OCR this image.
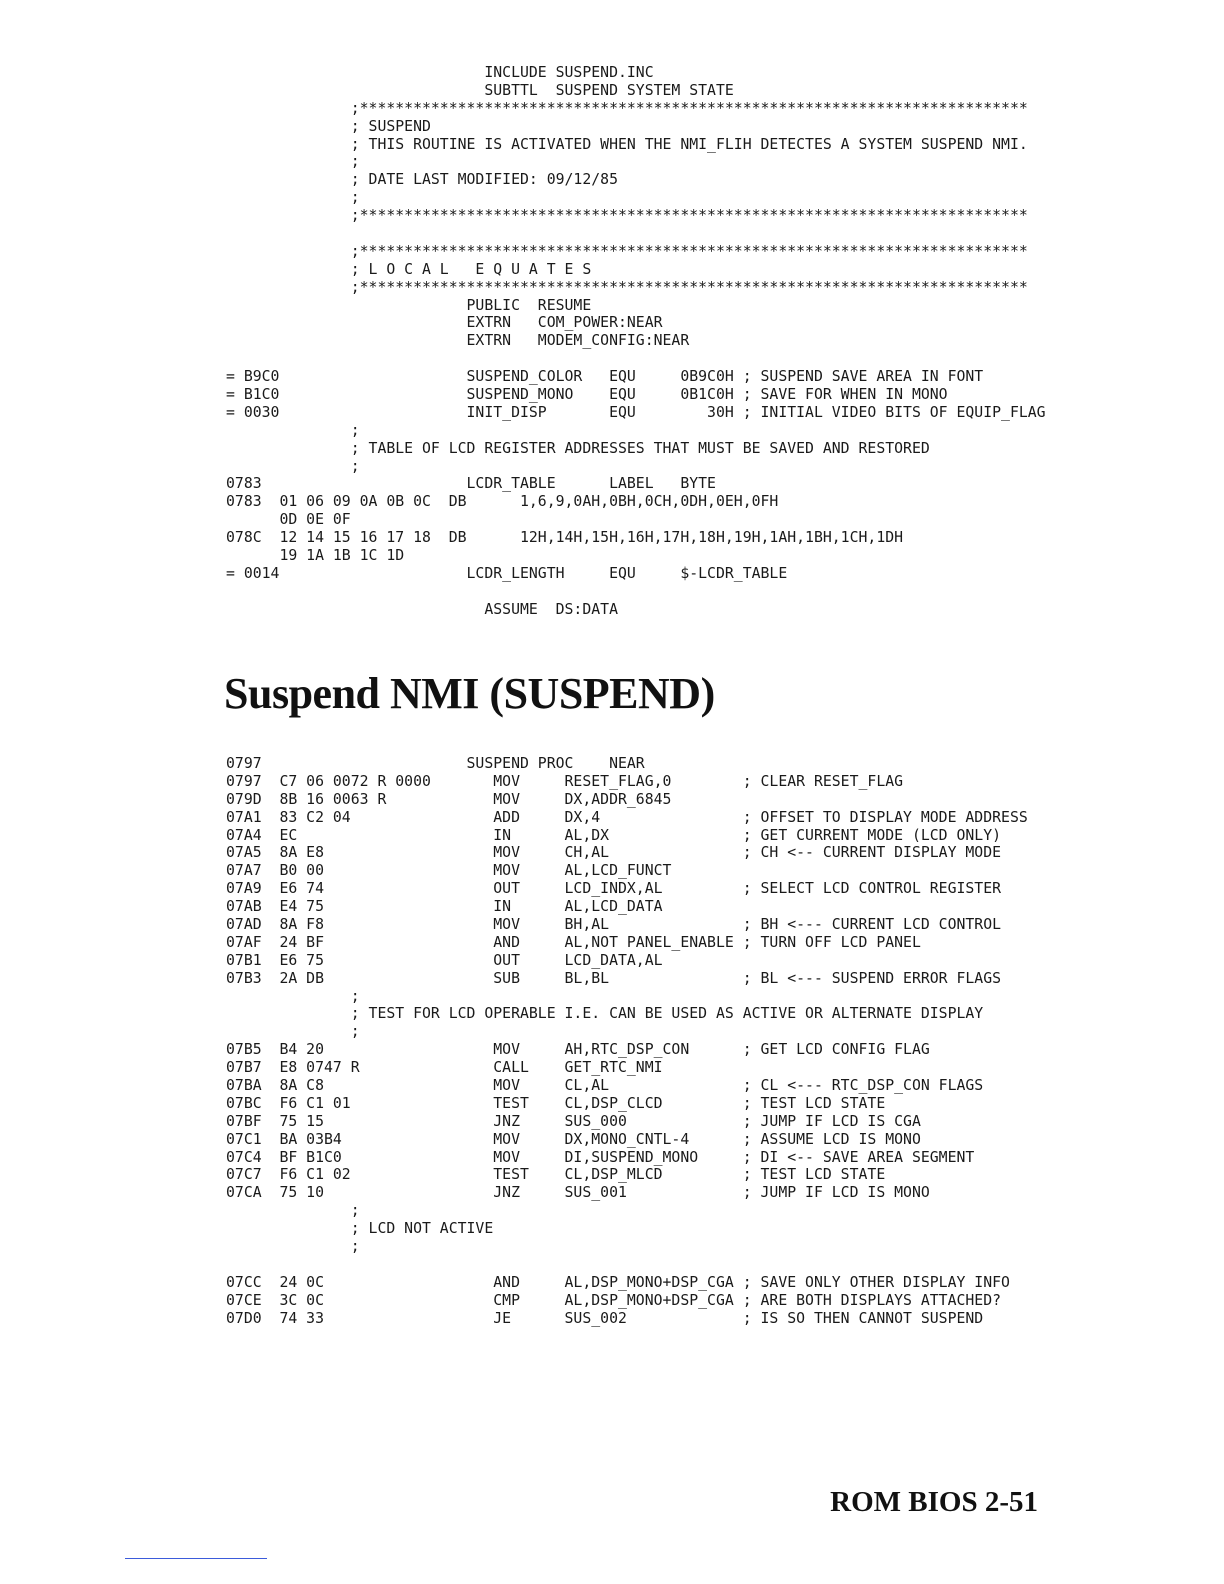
INCLUDE SUSPEND.INC
SUBTTL  SUSPEND SYSTEM STATE
;***************************************************************************
; SUSPEND
; THIS ROUTINE IS ACTIVATED WHEN THE NMI_FLIH DETECTES A SYSTEM SUSPEND NMI.
;
; DATE LAST MODIFIED: 09/12/85
;
;***************************************************************************
;***************************************************************************
; L O C A L   E Q U A T E S
;***************************************************************************
PUBLIC  RESUME
EXTRN   COM_POWER:NEAR
EXTRN   MODEM_CONFIG:NEAR
= B9C0                     SUSPEND_COLOR   EQU     0B9C0H ; SUSPEND SAVE AREA IN FONT
= B1C0                     SUSPEND_MONO    EQU     0B1C0H ; SAVE FOR WHEN IN MONO
= 0030                     INIT_DISP       EQU        30H ; INITIAL VIDEO BITS OF EQUIP_FLAG
;
; TABLE OF LCD REGISTER ADDRESSES THAT MUST BE SAVED AND RESTORED
;
0783                       LCDR_TABLE      LABEL   BYTE
0783  01 06 09 0A 0B 0C  DB      1,6,9,0AH,0BH,0CH,0DH,0EH,0FH
0D 0E 0F
078C  12 14 15 16 17 18  DB      12H,14H,15H,16H,17H,18H,19H,1AH,1BH,1CH,1DH
19 1A 1B 1C 1D
= 0014                     LCDR_LENGTH     EQU     $-LCDR_TABLE
ASSUME  DS:DATA
Suspend NMI (SUSPEND)
0797                       SUSPEND PROC    NEAR
0797  C7 06 0072 R 0000       MOV     RESET_FLAG,0        ; CLEAR RESET_FLAG
079D  8B 16 0063 R            MOV     DX,ADDR_6845
07A1  83 C2 04                ADD     DX,4                ; OFFSET TO DISPLAY MODE ADDRESS
07A4  EC                      IN      AL,DX               ; GET CURRENT MODE (LCD ONLY)
07A5  8A E8                   MOV     CH,AL               ; CH <-- CURRENT DISPLAY MODE
07A7  B0 00                   MOV     AL,LCD_FUNCT
07A9  E6 74                   OUT     LCD_INDX,AL         ; SELECT LCD CONTROL REGISTER
07AB  E4 75                   IN      AL,LCD_DATA
07AD  8A F8                   MOV     BH,AL               ; BH <--- CURRENT LCD CONTROL
07AF  24 BF                   AND     AL,NOT PANEL_ENABLE ; TURN OFF LCD PANEL
07B1  E6 75                   OUT     LCD_DATA,AL
07B3  2A DB                   SUB     BL,BL               ; BL <--- SUSPEND ERROR FLAGS
;
; TEST FOR LCD OPERABLE I.E. CAN BE USED AS ACTIVE OR ALTERNATE DISPLAY
;
07B5  B4 20                   MOV     AH,RTC_DSP_CON      ; GET LCD CONFIG FLAG
07B7  E8 0747 R               CALL    GET_RTC_NMI
07BA  8A C8                   MOV     CL,AL               ; CL <--- RTC_DSP_CON FLAGS
07BC  F6 C1 01                TEST    CL,DSP_CLCD         ; TEST LCD STATE
07BF  75 15                   JNZ     SUS_000             ; JUMP IF LCD IS CGA
07C1  BA 03B4                 MOV     DX,MONO_CNTL-4      ; ASSUME LCD IS MONO
07C4  BF B1C0                 MOV     DI,SUSPEND_MONO     ; DI <-- SAVE AREA SEGMENT
07C7  F6 C1 02                TEST    CL,DSP_MLCD         ; TEST LCD STATE
07CA  75 10                   JNZ     SUS_001             ; JUMP IF LCD IS MONO
;
; LCD NOT ACTIVE
;
07CC  24 0C                   AND     AL,DSP_MONO+DSP_CGA ; SAVE ONLY OTHER DISPLAY INFO
07CE  3C 0C                   CMP     AL,DSP_MONO+DSP_CGA ; ARE BOTH DISPLAYS ATTACHED?
07D0  74 33                   JE      SUS_002             ; IS SO THEN CANNOT SUSPEND
ROM BIOS 2-51
